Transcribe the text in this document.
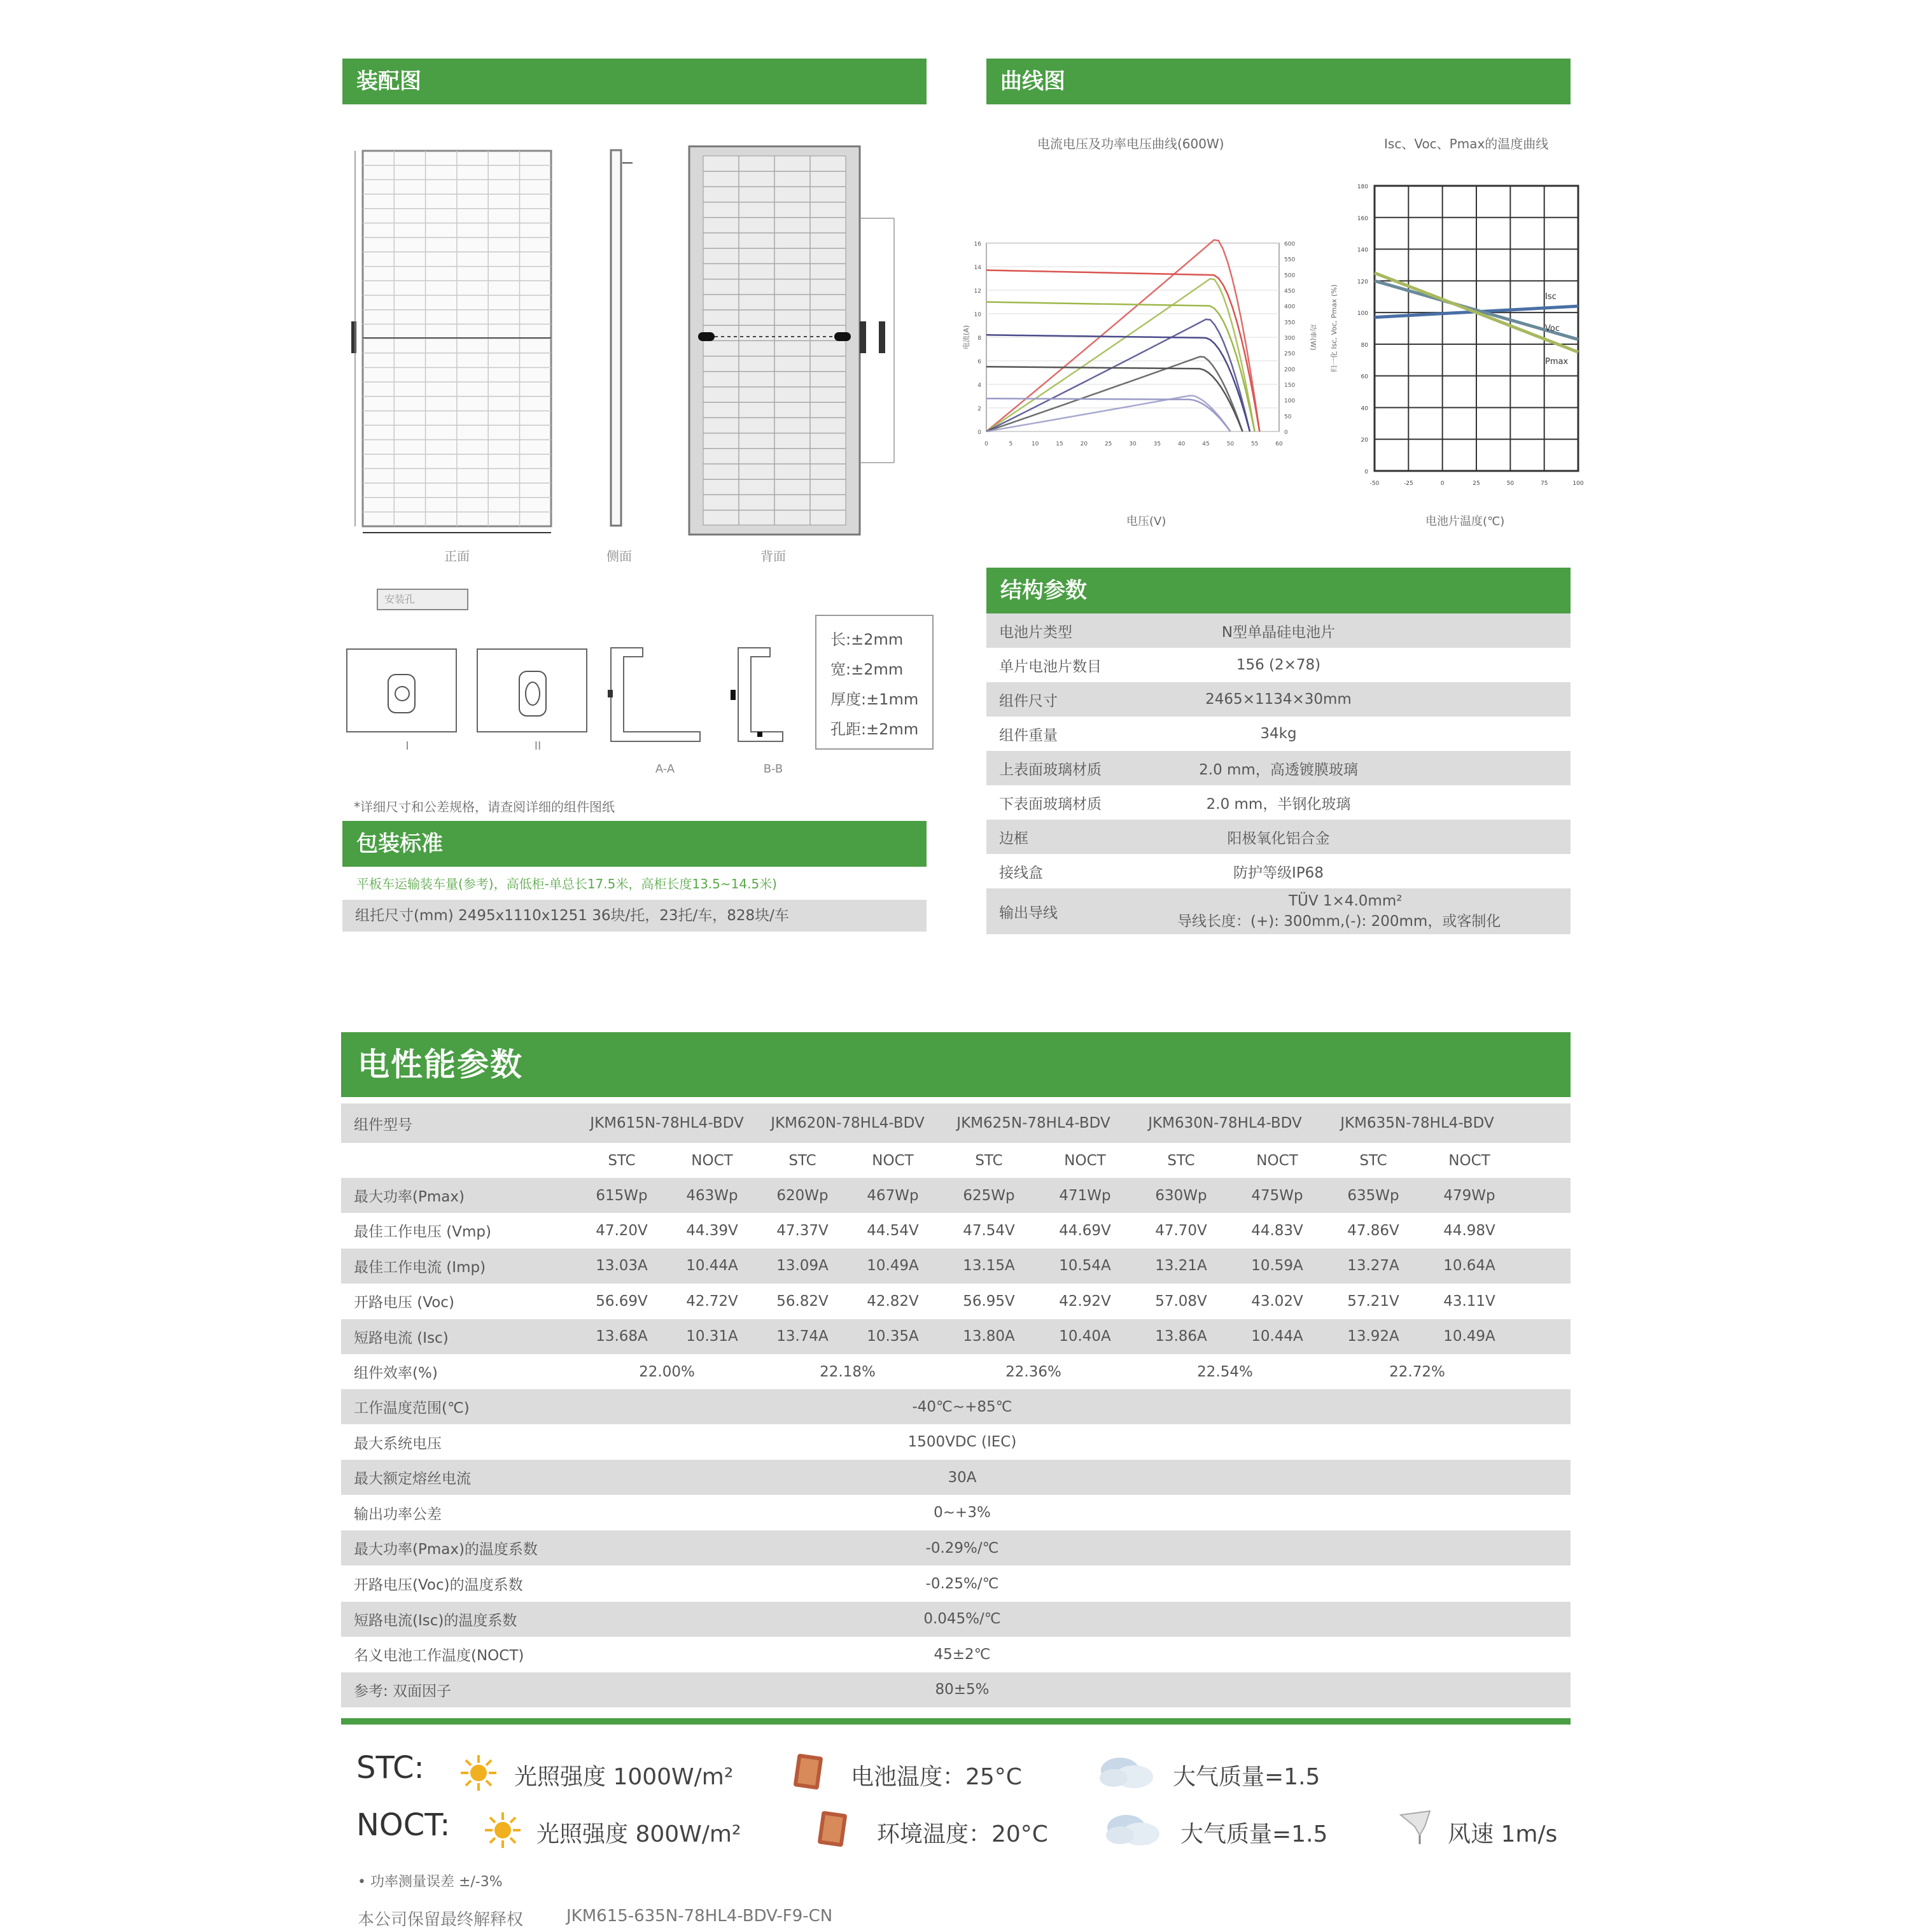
装配图
正面	侧面	背面
安装孔
I	II
A-A	B-B
长:±2mm
宽:±2mm
厚度:±1mm
孔距:±2mm
*详细尺寸和公差规格，请查阅详细的组件图纸
包装标准
平板车运输装车量(参考)，高低柜-单总长17.5米，高柜长度13.5~14.5米)
组托尺寸(mm) 2495x1110x1251 36块/托，23托/车，828块/车
曲线图
电流电压及功率电压曲线(600W)	Isc、Voc、Pmax的温度曲线
0
2
4
6
8
10
12
14
16
0
50
100
150
200
250
300
350
400
450
500
550
600
0	5	10	15	20	25	30	35	40	45	50	55	60
电流(A)	功率(W)
电压(V)
0
20
40
60
80
100
120
140
160
180
-50	-25	0	25	50	75	100
归一化 Isc, Voc, Pmax (%)	Isc
Voc
Pmax
电池片温度(℃)
结构参数
电池片类型	N型单晶硅电池片
单片电池片数目	156 (2×78)
组件尺寸	2465×1134×30mm
组件重量	34kg
上表面玻璃材质	2.0 mm，高透镀膜玻璃
下表面玻璃材质	2.0 mm，半钢化玻璃
边框	阳极氧化铝合金
接线盒	防护等级IP68
输出导线
TÜV 1×4.0mm²
导线长度：(+): 300mm,(-): 200mm，或客制化
电性能参数
组件型号	JKM615N-78HL4-BDV	JKM620N-78HL4-BDV	JKM625N-78HL4-BDV	JKM630N-78HL4-BDV	JKM635N-78HL4-BDV
STC	NOCT	STC	NOCT	STC	NOCT	STC	NOCT	STC	NOCT
最大功率(Pmax)	615Wp	463Wp	620Wp	467Wp	625Wp	471Wp	630Wp	475Wp	635Wp	479Wp
最佳工作电压 (Vmp)	47.20V	44.39V	47.37V	44.54V	47.54V	44.69V	47.70V	44.83V	47.86V	44.98V
最佳工作电流 (Imp)	13.03A	10.44A	13.09A	10.49A	13.15A	10.54A	13.21A	10.59A	13.27A	10.64A
开路电压 (Voc)	56.69V	42.72V	56.82V	42.82V	56.95V	42.92V	57.08V	43.02V	57.21V	43.11V
短路电流 (Isc)	13.68A	10.31A	13.74A	10.35A	13.80A	10.40A	13.86A	10.44A	13.92A	10.49A
组件效率(%)	22.00%	22.18%	22.36%	22.54%	22.72%
工作温度范围(℃)	-40℃~+85℃
最大系统电压	1500VDC (IEC)
最大额定熔丝电流	30A
输出功率公差	0~+3%
最大功率(Pmax)的温度系数	-0.29%/℃
开路电压(Voc)的温度系数	-0.25%/℃
短路电流(Isc)的温度系数	0.045%/℃
名义电池工作温度(NOCT)	45±2℃
参考: 双面因子	80±5%
STC:	光照强度 1000W/m²	电池温度：25°C	大气质量=1.5
NOCT:	光照强度 800W/m²	环境温度：20°C	大气质量=1.5	风速 1m/s
• 功率测量误差 ±/-3%
本公司保留最终解释权	JKM615-635N-78HL4-BDV-F9-CN
